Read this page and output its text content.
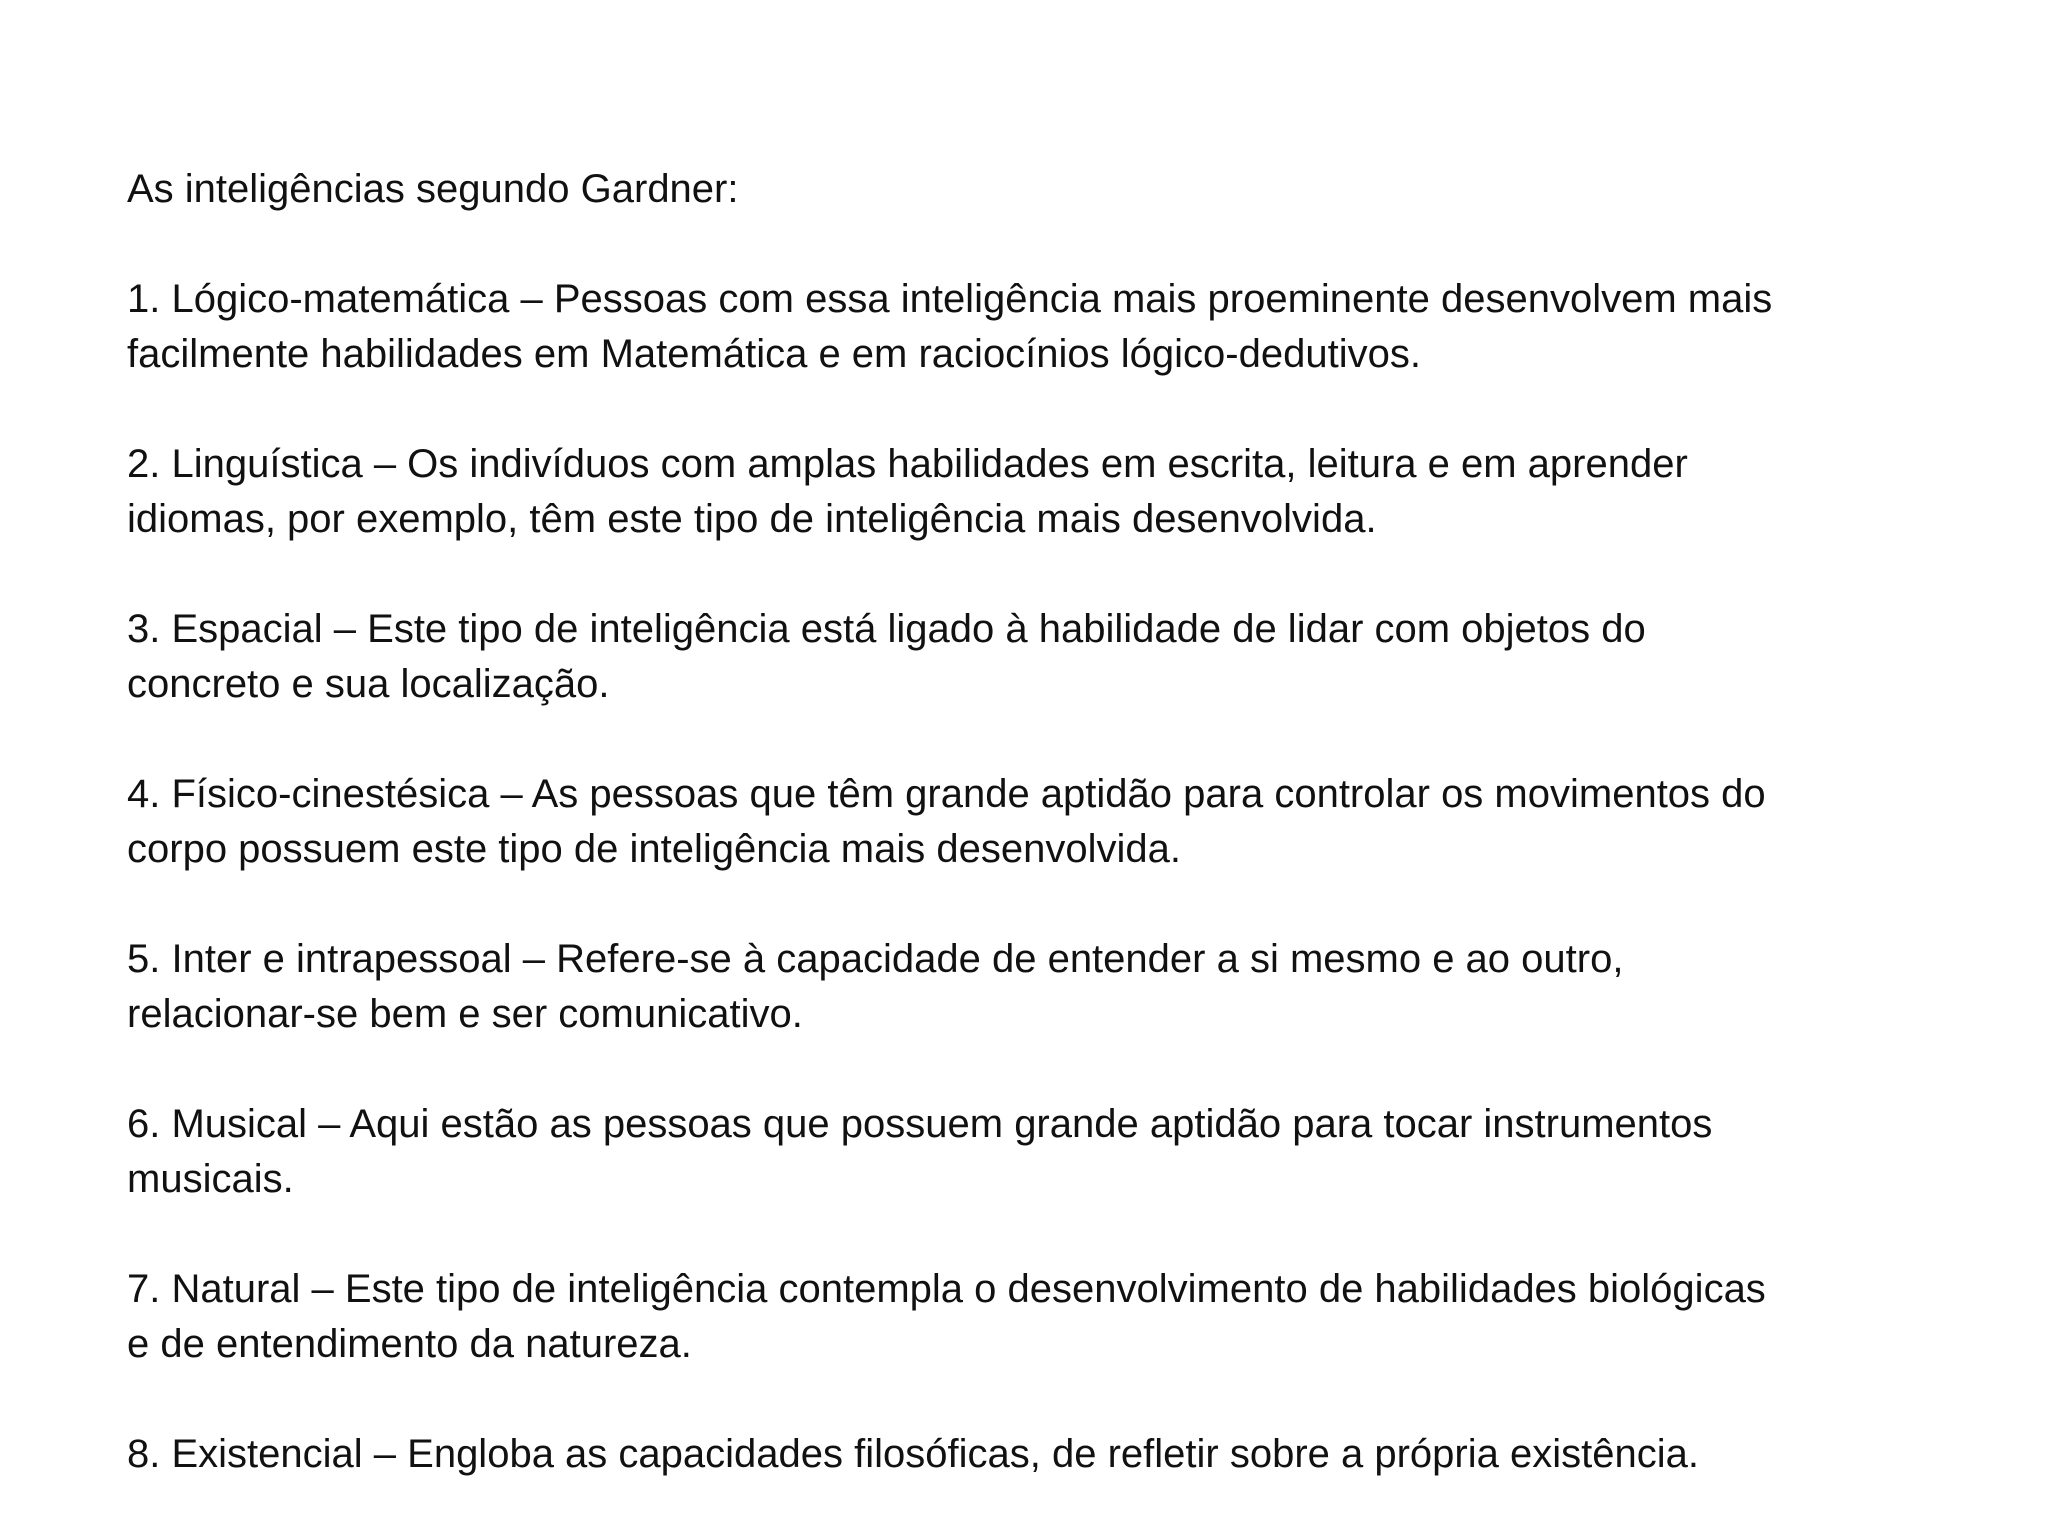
As inteligências segundo Gardner:
1. Lógico-matemática – Pessoas com essa inteligência mais proeminente desenvolvem mais
facilmente habilidades em Matemática e em raciocínios lógico-dedutivos.
2. Linguística – Os indivíduos com amplas habilidades em escrita, leitura e em aprender
idiomas, por exemplo, têm este tipo de inteligência mais desenvolvida.
3. Espacial – Este tipo de inteligência está ligado à habilidade de lidar com objetos do
concreto e sua localização.
4. Físico-cinestésica – As pessoas que têm grande aptidão para controlar os movimentos do
corpo possuem este tipo de inteligência mais desenvolvida.
5. Inter e intrapessoal – Refere-se à capacidade de entender a si mesmo e ao outro,
relacionar-se bem e ser comunicativo.
6. Musical – Aqui estão as pessoas que possuem grande aptidão para tocar instrumentos
musicais.
7. Natural – Este tipo de inteligência contempla o desenvolvimento de habilidades biológicas
e de entendimento da natureza.
8. Existencial – Engloba as capacidades filosóficas, de refletir sobre a própria existência.
